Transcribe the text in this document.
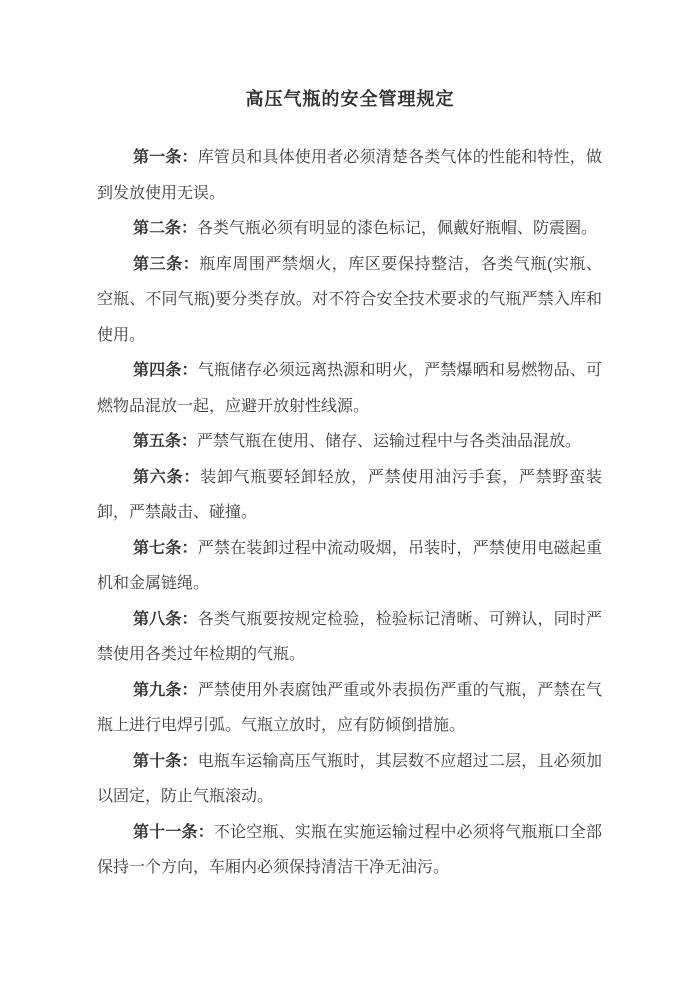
高压气瓶的安全管理规定

第一条：库管员和具体使用者必须清楚各类气体的性能和特性，做到发放使用无误。

第二条：各类气瓶必须有明显的漆色标记，佩戴好瓶帽、防震圈。

第三条：瓶库周围严禁烟火，库区要保持整洁，各类气瓶(实瓶、空瓶、不同气瓶)要分类存放。对不符合安全技术要求的气瓶严禁入库和使用。

第四条：气瓶储存必须远离热源和明火，严禁爆晒和易燃物品、可燃物品混放一起，应避开放射性线源。

第五条：严禁气瓶在使用、储存、运输过程中与各类油品混放。

第六条：装卸气瓶要轻卸轻放，严禁使用油污手套，严禁野蛮装卸，严禁敲击、碰撞。

第七条：严禁在装卸过程中流动吸烟，吊装时，严禁使用电磁起重机和金属链绳。

第八条：各类气瓶要按规定检验，检验标记清晰、可辨认，同时严禁使用各类过年检期的气瓶。

第九条：严禁使用外表腐蚀严重或外表损伤严重的气瓶，严禁在气瓶上进行电焊引弧。气瓶立放时，应有防倾倒措施。

第十条：电瓶车运输高压气瓶时，其层数不应超过二层，且必须加以固定，防止气瓶滚动。

第十一条：不论空瓶、实瓶在实施运输过程中必须将气瓶瓶口全部保持一个方向，车厢内必须保持清洁干净无油污。
